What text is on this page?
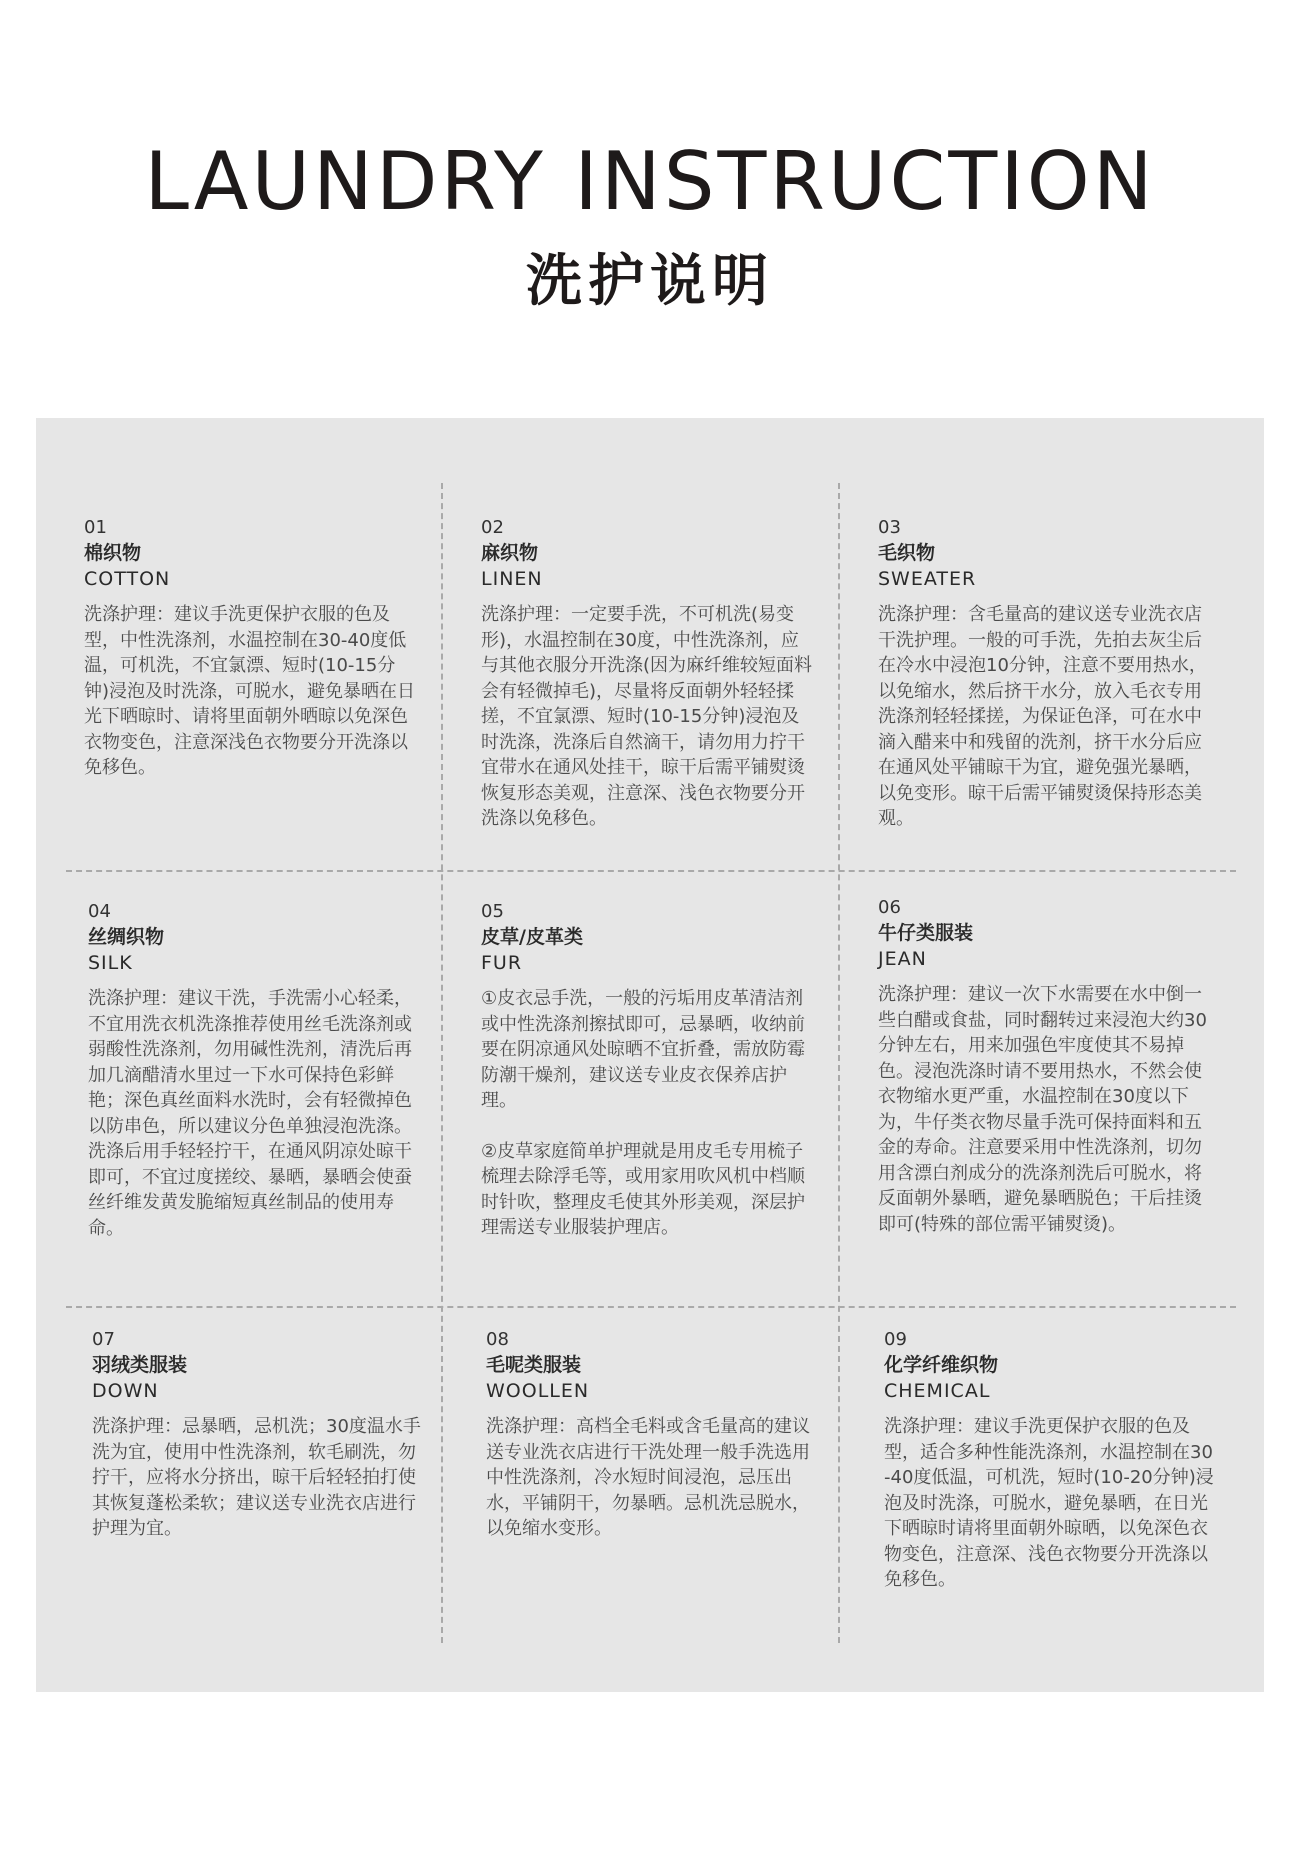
LAUNDRY INSTRUCTION
洗护说明
01
棉织物
COTTON
洗涤护理：建议手洗更保护衣服的色及型，中性洗涤剂，水温控制在30-40度低温，可机洗，不宜氯漂、短时(10-15分钟)浸泡及时洗涤，可脱水，避免暴晒在日光下晒晾时、请将里面朝外晒晾以免深色衣物变色，注意深浅色衣物要分开洗涤以免移色。
02
麻织物
LINEN
洗涤护理：一定要手洗，不可机洗(易变形)，水温控制在30度，中性洗涤剂，应与其他衣服分开洗涤(因为麻纤维较短面料会有轻微掉毛)，尽量将反面朝外轻轻揉搓，不宜氯漂、短时(10-15分钟)浸泡及时洗涤，洗涤后自然滴干，请勿用力拧干宜带水在通风处挂干，晾干后需平铺熨烫恢复形态美观，注意深、浅色衣物要分开洗涤以免移色。
03
毛织物
SWEATER
洗涤护理：含毛量高的建议送专业洗衣店干洗护理。一般的可手洗，先拍去灰尘后在冷水中浸泡10分钟，注意不要用热水，以免缩水，然后挤干水分，放入毛衣专用洗涤剂轻轻揉搓，为保证色泽，可在水中滴入醋来中和残留的洗剂，挤干水分后应在通风处平铺晾干为宜，避免强光暴晒，以免变形。晾干后需平铺熨烫保持形态美观。
04
丝绸织物
SILK
洗涤护理：建议干洗，手洗需小心轻柔，不宜用洗衣机洗涤推荐使用丝毛洗涤剂或弱酸性洗涤剂，勿用碱性洗剂，清洗后再加几滴醋清水里过一下水可保持色彩鲜艳；深色真丝面料水洗时，会有轻微掉色以防串色，所以建议分色单独浸泡洗涤。洗涤后用手轻轻拧干，在通风阴凉处晾干即可，不宜过度搓绞、暴晒，暴晒会使蚕丝纤维发黄发脆缩短真丝制品的使用寿命。
05
皮草/皮革类
FUR
①皮衣忌手洗，一般的污垢用皮革清洁剂或中性洗涤剂擦拭即可，忌暴晒，收纳前要在阴凉通风处晾晒不宜折叠，需放防霉防潮干燥剂，建议送专业皮衣保养店护理。
②皮草家庭简单护理就是用皮毛专用梳子梳理去除浮毛等，或用家用吹风机中档顺时针吹，整理皮毛使其外形美观，深层护理需送专业服装护理店。
06
牛仔类服装
JEAN
洗涤护理：建议一次下水需要在水中倒一些白醋或食盐，同时翻转过来浸泡大约30分钟左右，用来加强色牢度使其不易掉色。浸泡洗涤时请不要用热水，不然会使衣物缩水更严重，水温控制在30度以下为，牛仔类衣物尽量手洗可保持面料和五金的寿命。注意要采用中性洗涤剂，切勿用含漂白剂成分的洗涤剂洗后可脱水，将反面朝外暴晒，避免暴晒脱色；干后挂烫即可(特殊的部位需平铺熨烫)。
07
羽绒类服装
DOWN
洗涤护理：忌暴晒，忌机洗；30度温水手洗为宜，使用中性洗涤剂，软毛刷洗，勿拧干，应将水分挤出，晾干后轻轻拍打使其恢复蓬松柔软；建议送专业洗衣店进行护理为宜。
08
毛呢类服装
WOOLLEN
洗涤护理：高档全毛料或含毛量高的建议送专业洗衣店进行干洗处理一般手洗选用中性洗涤剂，冷水短时间浸泡，忌压出水，平铺阴干，勿暴晒。忌机洗忌脱水，以免缩水变形。
09
化学纤维织物
CHEMICAL
洗涤护理：建议手洗更保护衣服的色及型，适合多种性能洗涤剂，水温控制在30-40度低温，可机洗，短时(10-20分钟)浸泡及时洗涤，可脱水，避免暴晒，在日光下晒晾时请将里面朝外晾晒，以免深色衣物变色，注意深、浅色衣物要分开洗涤以免移色。
